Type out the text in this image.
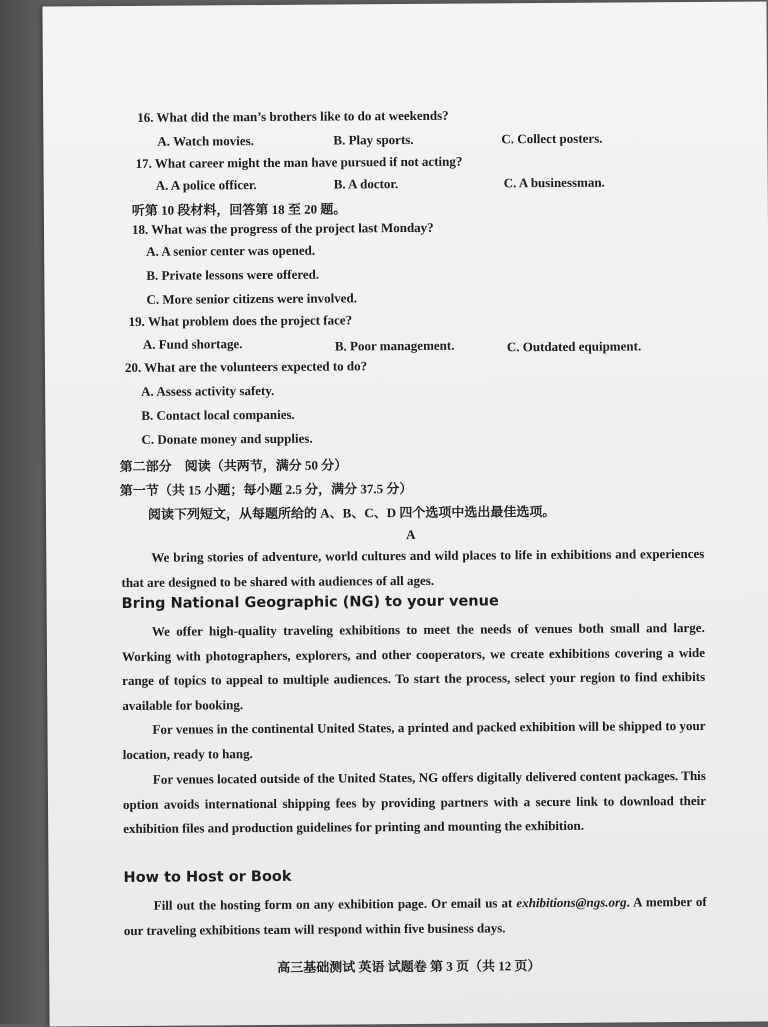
16. What did the man’s brothers like to do at weekends?
A. Watch movies.	B. Play sports.	C. Collect posters.
17. What career might the man have pursued if not acting?
A. A police officer.	B. A doctor.	C. A businessman.
听第 10 段材料，回答第 18 至 20 题。
18. What was the progress of the project last Monday?
A. A senior center was opened.
B. Private lessons were offered.
C. More senior citizens were involved.
19. What problem does the project face?
A. Fund shortage.	B. Poor management.	C. Outdated equipment.
20. What are the volunteers expected to do?
A. Assess activity safety.
B. Contact local companies.
C. Donate money and supplies.
第二部分　阅读（共两节，满分 50 分）
第一节（共 15 小题；每小题 2.5 分，满分 37.5 分）
阅读下列短文，从每题所给的 A、B、C、D 四个选项中选出最佳选项。
A
We bring stories of adventure, world cultures and wild places to life in exhibitions and experiences that are designed to be shared with audiences of all ages.
Bring National Geographic (NG) to your venue
We offer high-quality traveling exhibitions to meet the needs of venues both small and large. Working with photographers, explorers, and other cooperators, we create exhibitions covering a wide range of topics to appeal to multiple audiences. To start the process, select your region to find exhibits available for booking.
For venues in the continental United States, a printed and packed exhibition will be shipped to your location, ready to hang.
For venues located outside of the United States, NG offers digitally delivered content packages. This option avoids international shipping fees by providing partners with a secure link to download their exhibition files and production guidelines for printing and mounting the exhibition.
How to Host or Book
Fill out the hosting form on any exhibition page. Or email us at exhibitions@ngs.org. A member of our traveling exhibitions team will respond within five business days.
高三基础测试 英语 试题卷 第 3 页（共 12 页）
